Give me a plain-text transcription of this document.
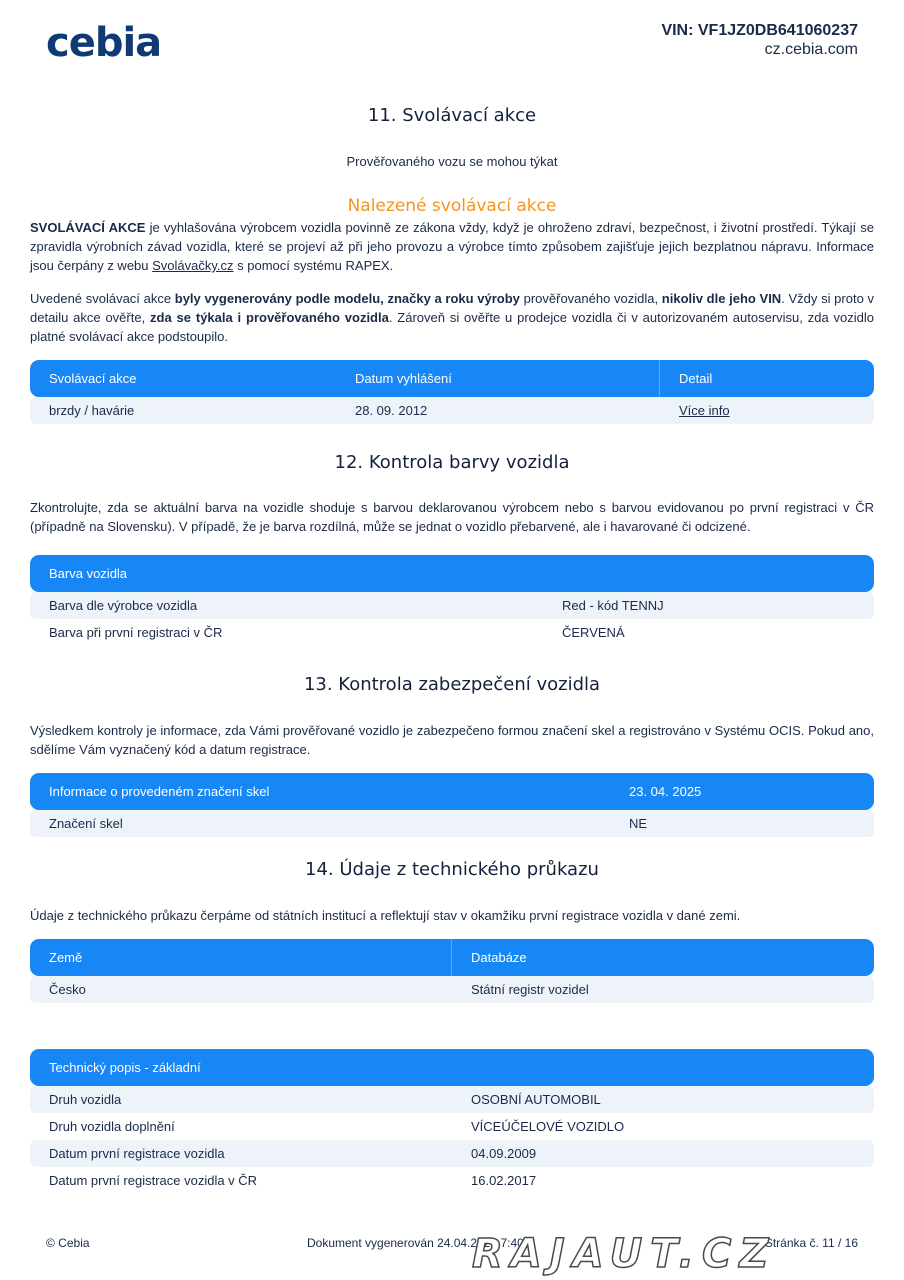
cebia	VIN: VF1JZ0DB641060237
cz.cebia.com
11. Svolávací akce
Prověřovaného vozu se mohou týkat
Nalezené svolávací akce
SVOLÁVACÍ AKCE je vyhlašována výrobcem vozidla povinně ze zákona vždy, když je ohroženo zdraví, bezpečnost, i životní prostředí. Týkají se zpravidla výrobních závad vozidla, které se projeví až při jeho provozu a výrobce tímto způsobem zajišťuje jejich bezplatnou nápravu. Informace jsou čerpány z webu Svolávačky.cz s pomocí systému RAPEX.
Uvedené svolávací akce byly vygenerovány podle modelu, značky a roku výroby prověřovaného vozidla, nikoliv dle jeho VIN. Vždy si proto v detailu akce ověřte, zda se týkala i prověřovaného vozidla. Zároveň si ověřte u prodejce vozidla či v autorizovaném autoservisu, zda vozidlo platné svolávací akce podstoupilo.
Svolávací akce	Datum vyhlášení	Detail
brzdy / havárie	28. 09. 2012	Více info
12. Kontrola barvy vozidla
Zkontrolujte, zda se aktuální barva na vozidle shoduje s barvou deklarovanou výrobcem nebo s barvou evidovanou po první registraci v ČR (případně na Slovensku). V případě, že je barva rozdílná, může se jednat o vozidlo přebarvené, ale i havarované či odcizené.
Barva vozidla
Barva dle výrobce vozidla	Red - kód TENNJ
Barva při první registraci v ČR	ČERVENÁ
13. Kontrola zabezpečení vozidla
Výsledkem kontroly je informace, zda Vámi prověřované vozidlo je zabezpečeno formou značení skel a registrováno v Systému OCIS. Pokud ano, sdělíme Vám vyznačený kód a datum registrace.
Informace o provedeném značení skel	23. 04. 2025
Značení skel	NE
14. Údaje z technického průkazu
Údaje z technického průkazu čerpáme od státních institucí a reflektují stav v okamžiku první registrace vozidla v dané zemi.
Země	Databáze
Česko	Státní registr vozidel
Technický popis - základní
Druh vozidla	OSOBNÍ AUTOMOBIL
Druh vozidla doplnění	VÍCEÚČELOVÉ VOZIDLO
Datum první registrace vozidla	04.09.2009
Datum první registrace vozidla v ČR	16.02.2017
© Cebia	Dokument vygenerován 24.04.2025 7:40	Stránka č. 11 / 16
RAJAUT.CZ
